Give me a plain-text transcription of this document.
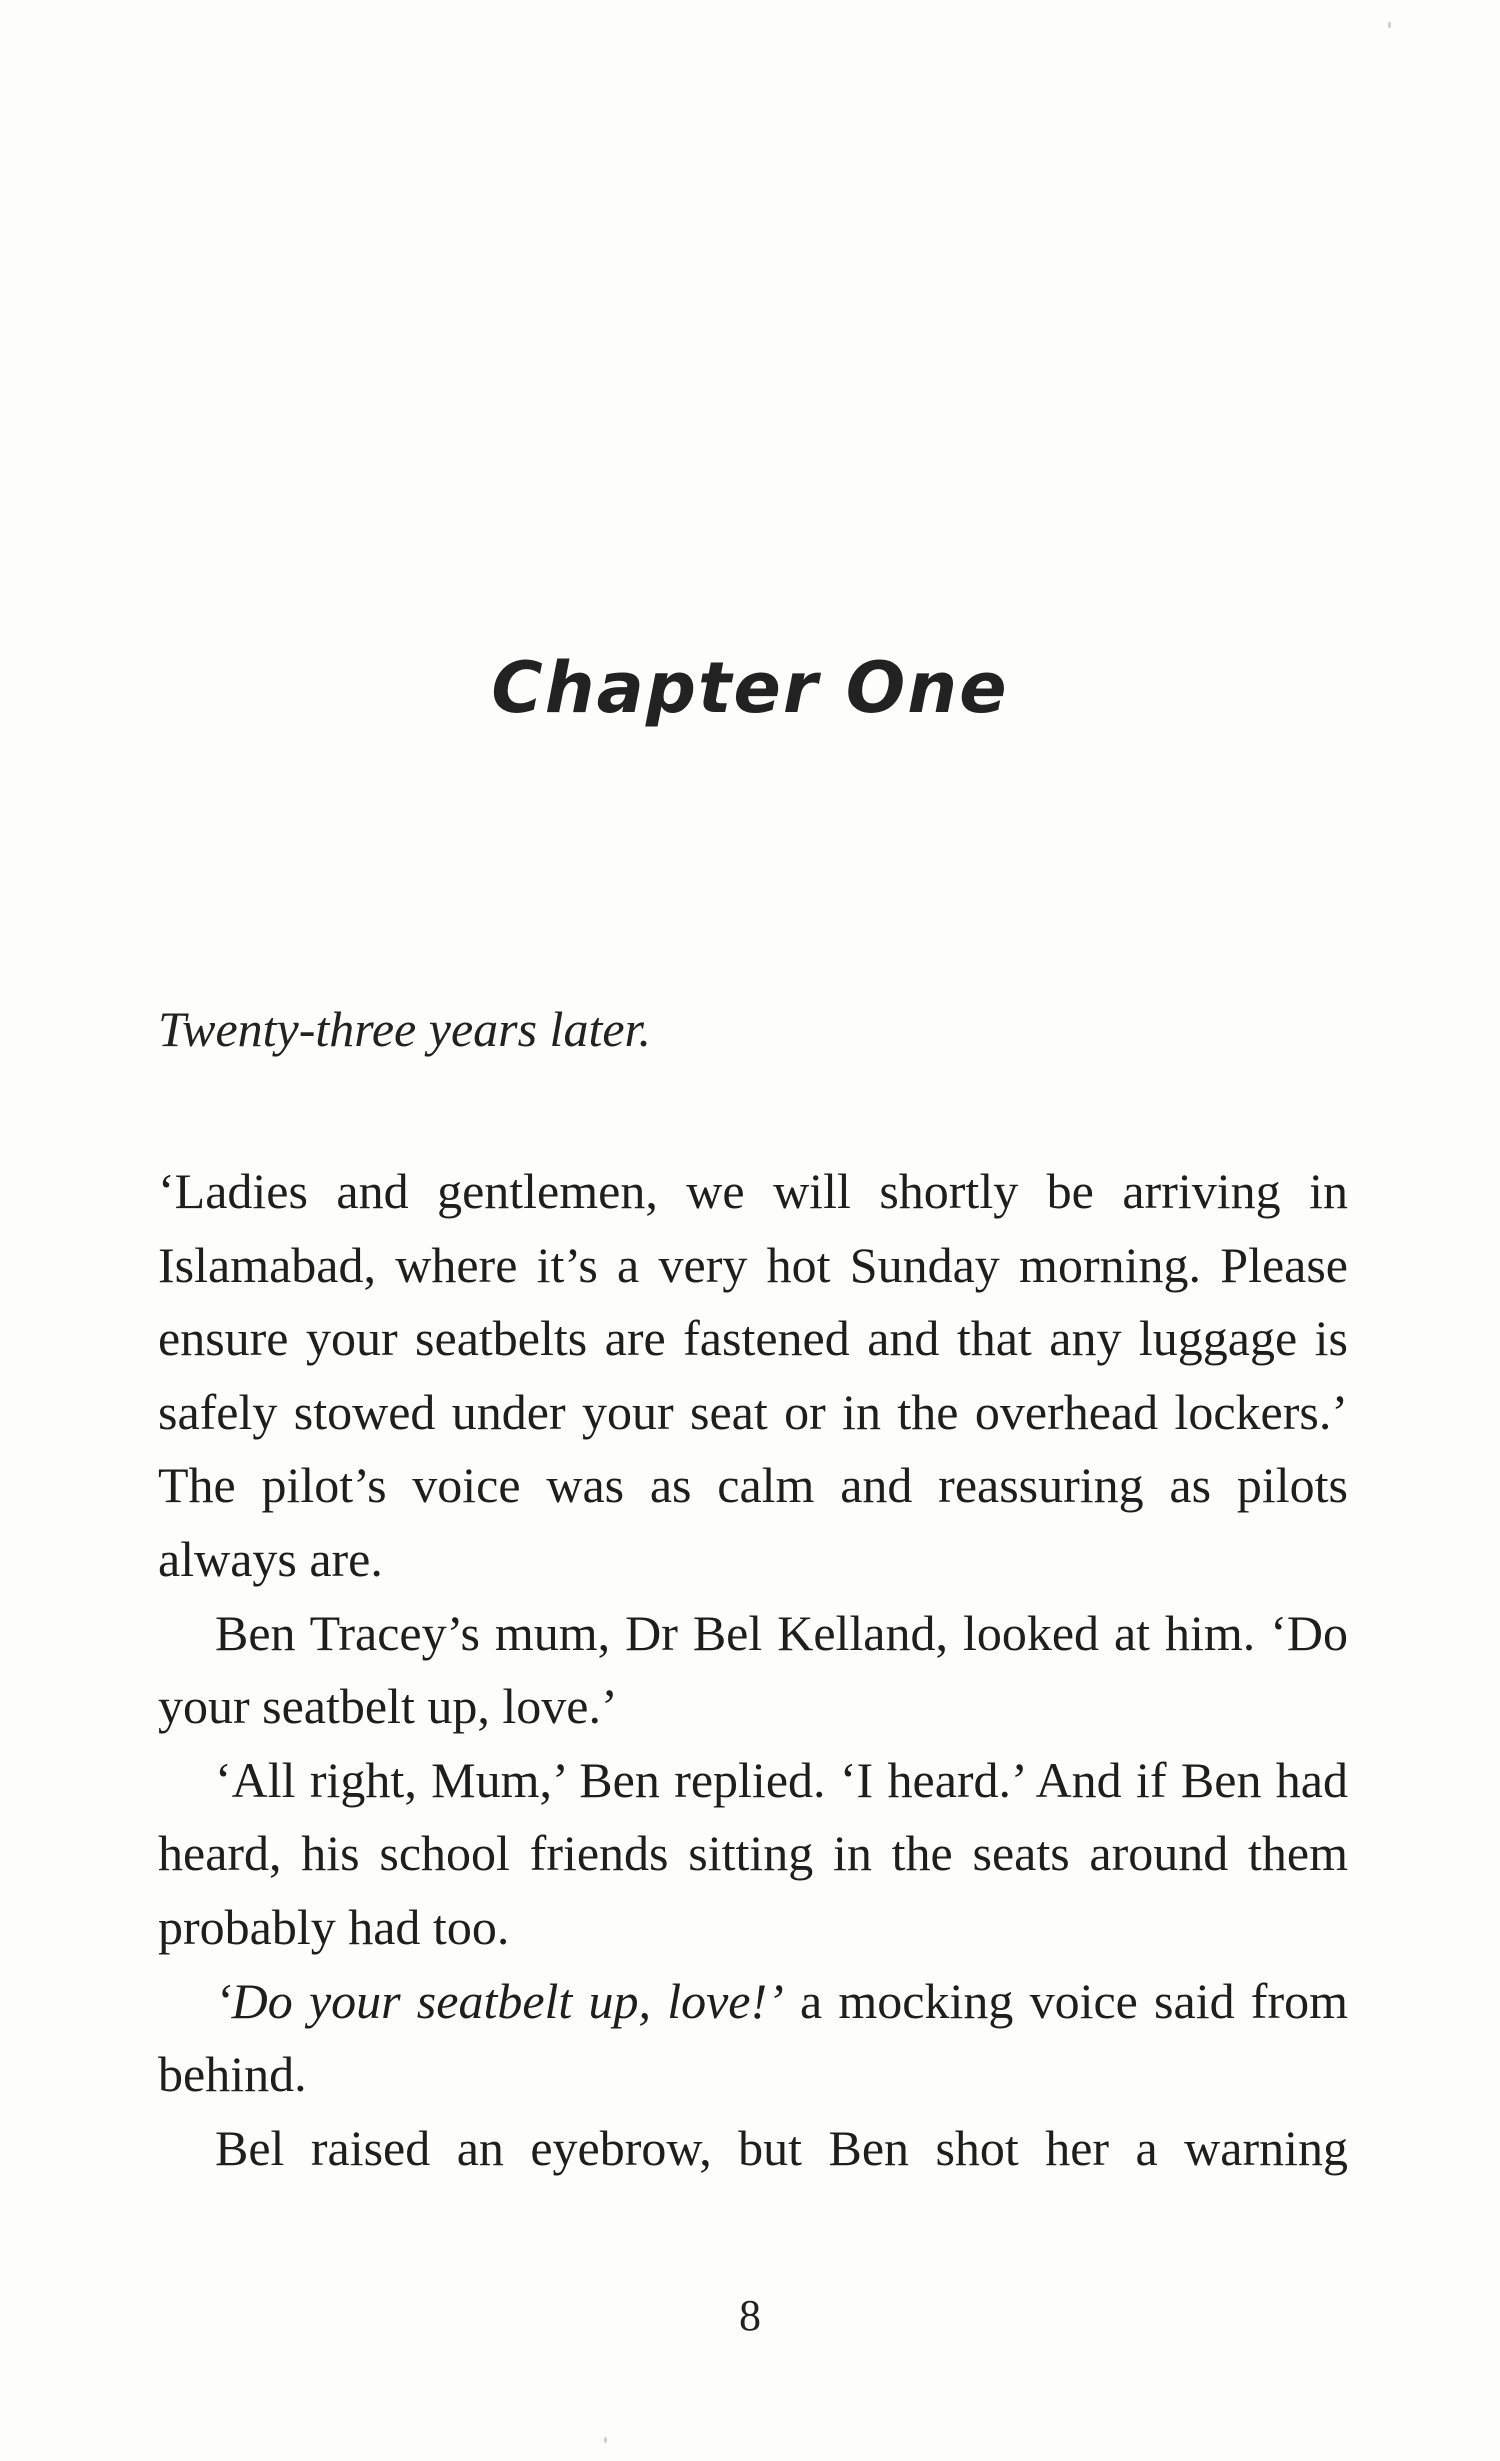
Chapter One
Twenty-three years later.

‘Ladies and gentlemen, we will shortly be arriving in Islamabad, where it’s a very hot Sunday morning. Please ensure your seatbelts are fastened and that any luggage is safely stowed under your seat or in the overhead lockers.’ The pilot’s voice was as calm and reassuring as pilots always are.

Ben Tracey’s mum, Dr Bel Kelland, looked at him. ‘Do your seatbelt up, love.’

‘All right, Mum,’ Ben replied. ‘I heard.’ And if Ben had heard, his school friends sitting in the seats around them probably had too.

‘Do your seatbelt up, love!’ a mocking voice said from behind.

Bel raised an eyebrow, but Ben shot her a warning

8
